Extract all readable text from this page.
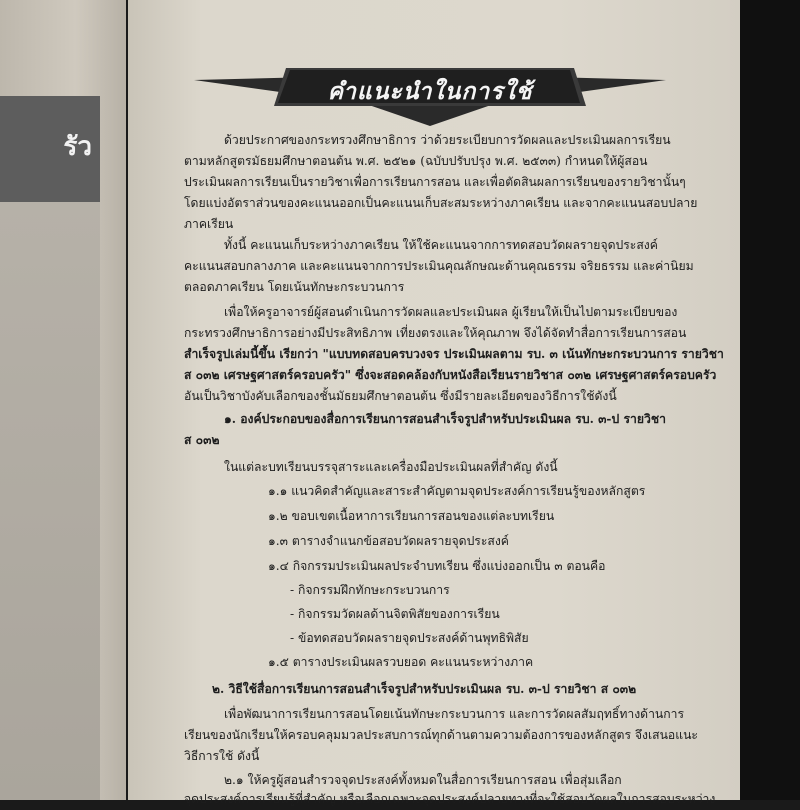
รัว
คำแนะนำในการใช้
ด้วยประกาศของกระทรวงศึกษาธิการ ว่าด้วยระเบียบการวัดผลและประเมินผลการเรียน
ตามหลักสูตรมัธยมศึกษาตอนต้น พ.ศ. ๒๕๒๑ (ฉบับปรับปรุง พ.ศ. ๒๕๓๓) กำหนดให้ผู้สอน
ประเมินผลการเรียนเป็นรายวิชาเพื่อการเรียนการสอน และเพื่อตัดสินผลการเรียนของรายวิชานั้นๆ
โดยแบ่งอัตราส่วนของคะแนนออกเป็นคะแนนเก็บสะสมระหว่างภาคเรียน และจากคะแนนสอบปลาย
ภาคเรียน
ทั้งนี้ คะแนนเก็บระหว่างภาคเรียน ให้ใช้คะแนนจากการทดสอบวัดผลรายจุดประสงค์
คะแนนสอบกลางภาค และคะแนนจากการประเมินคุณลักษณะด้านคุณธรรม จริยธรรม และค่านิยม
ตลอดภาคเรียน โดยเน้นทักษะกระบวนการ
เพื่อให้ครูอาจารย์ผู้สอนดำเนินการวัดผลและประเมินผล ผู้เรียนให้เป็นไปตามระเบียบของ
กระทรวงศึกษาธิการอย่างมีประสิทธิภาพ เที่ยงตรงและให้คุณภาพ จึงได้จัดทำสื่อการเรียนการสอน
สำเร็จรูปเล่มนี้ขึ้น เรียกว่า "แบบทดสอบครบวงจร ประเมินผลตาม รบ. ๓ เน้นทักษะกระบวนการ รายวิชา
ส ๐๓๒ เศรษฐศาสตร์ครอบครัว" ซึ่งจะสอดคล้องกับหนังสือเรียนรายวิชาส ๐๓๒ เศรษฐศาสตร์ครอบครัว
อันเป็นวิชาบังคับเลือกของชั้นมัธยมศึกษาตอนต้น ซึ่งมีรายละเอียดของวิธีการใช้ดังนี้
๑. องค์ประกอบของสื่อการเรียนการสอนสำเร็จรูปสำหรับประเมินผล รบ. ๓-ป รายวิชา
ส ๐๓๒
ในแต่ละบทเรียนบรรจุสาระและเครื่องมือประเมินผลที่สำคัญ ดังนี้
๑.๑ แนวคิดสำคัญและสาระสำคัญตามจุดประสงค์การเรียนรู้ของหลักสูตร
๑.๒ ขอบเขตเนื้อหาการเรียนการสอนของแต่ละบทเรียน
๑.๓ ตารางจำแนกข้อสอบวัดผลรายจุดประสงค์
๑.๔ กิจกรรมประเมินผลประจำบทเรียน ซึ่งแบ่งออกเป็น ๓ ตอนคือ
- กิจกรรมฝึกทักษะกระบวนการ
- กิจกรรมวัดผลด้านจิตพิสัยของการเรียน
- ข้อทดสอบวัดผลรายจุดประสงค์ด้านพุทธิพิสัย
๑.๕ ตารางประเมินผลรวบยอด คะแนนระหว่างภาค
๒. วิธีใช้สื่อการเรียนการสอนสำเร็จรูปสำหรับประเมินผล รบ. ๓-ป รายวิชา ส ๐๓๒
เพื่อพัฒนาการเรียนการสอนโดยเน้นทักษะกระบวนการ และการวัดผลสัมฤทธิ์ทางด้านการ
เรียนของนักเรียนให้ครอบคลุมมวลประสบการณ์ทุกด้านตามความต้องการของหลักสูตร จึงเสนอแนะ
วิธีการใช้ ดังนี้
๒.๑ ให้ครูผู้สอนสำรวจจุดประสงค์ทั้งหมดในสื่อการเรียนการสอน เพื่อสุ่มเลือก
จุดประสงค์การเรียนรู้ที่สำคัญ หรือเลือกเฉพาะจุดประสงค์ปลายทางที่จะใช้สอบวัดผลในการสอบระหว่าง
